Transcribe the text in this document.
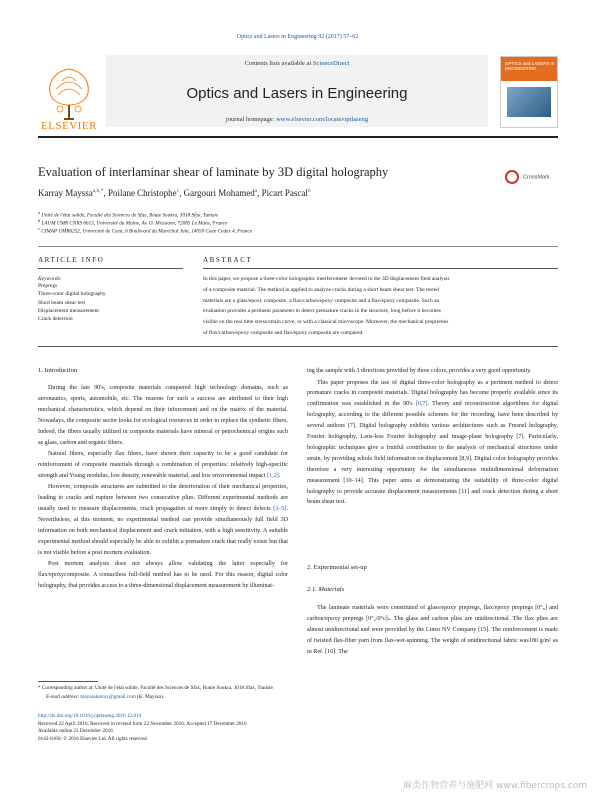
Optics and Lasers in Engineering 92 (2017) 57–62
Contents lists available at ScienceDirect
Optics and Lasers in Engineering
journal homepage: www.elsevier.com/locate/optlaseng
ELSEVIER
OPTICS and LASERS in ENGINEERING
Evaluation of interlaminar shear of laminate by 3D digital holography	CrossMark
Karray Mayssa$^{a,b,*}$, Poilane Christophe$^c$, Gargouri Mohamed$^a$, Picart Pascal$^b$
$^a$ Unité de l'état solide, Faculté des Sciences de Sfax, Route Soukra, 3018 Sfax, Tunisie
$^b$ LAUM UMR CNRS 6613, Université du Maine, Av. O. Messiaen, 72085 Le Mans, France
$^c$ CIMAP UMR6252, Université de Caen, 6 Boulevard du Maréchal Juin, 14050 Caen Cedex 4, France
ARTICLE INFO
Keywords:
Prepregs
Three-color digital holography
Short beam shear test
Displacement measurement
Crack detection
ABSTRACT
In this paper, we propose a three-color holographic interferometer devoted to the 3D displacement field analysis
of a composite material. The method in applied to analyze cracks during a short beam shear test. The tested
materials are a glass/epoxy composite, a flax/carbon/epoxy composite and a flax/epoxy composite. Such an
evaluation provides a pertinent parameter to detect premature cracks in the structure, long before it becomes
visible on the real time stress/strain curve, or with a classical microscope. Moreover, the mechanical proprieties
of flax/carbon/epoxy composite and flax/epoxy composite are compared.
1. Introduction

During the late 90's, composite materials conquered high technology domains, such as aeronautics, sports, automobile, etc. The reasons for such a success are attributed to their high mechanical characteristics, which depend on their inforcement and on the matrix of the material. Nowadays, the composite sector looks for ecological resources in order to replace the synthetic fibers. Indeed, the fibers usually utilized in composite materials have mineral or petrochemical origins such as glass, carbon and organic fibers.

Natural fibers, especially flax fibers, have shown their capacity to be a good candidate for reinforcement of composite materials through a combination of properties: relatively high-specific strength and Young modulus, low density, renewable material, and low environmental impact [1,2].

However, composite structures are submitted to the deterioration of their mechanical properties, leading to cracks and rupture between two consecutive plies. Different experimental methods are usually used to measure displacements, crack propagation of more simply to detect defects [3–5]. Nevertheless, at this moment, no experimental method can provide simultaneously full field 3D information on both mechanical displacement and crack initiation, with a high sensitivity. A suitable experimental method should especially be able to exhibit a premature crack that really exists but that is not visible before a post mortem evaluation.

Post mortem analysis does not always allow validating the latter especially for flax/epoxycomposite. A contactless full-field method has to be used. For this reason, digital color holography, that provides access to a three-dimensional displacement measurement by illuminat-

ing the sample with 3 directions provided by three colors, provides a very good opportunity.

This paper proposes the use of digital three-color holography as a pertinent method to detect premature cracks in composite materials. Digital holography has become properly available since its confirmation was established in the 90's [6,7]. Theory and reconstruction algorithms for digital holography, according to the different possible schemes for the recording, have been described by several authors [7]. Digital holography exhibits various architectures such as Fresnel holography, Fourier holography, Lens-less Fourier holography and image-plane holography [7]. Particularly, holographic techniques give a fruitful contribution to the analysis of mechanical structures under strain, by providing whole field information on displacement [8,9]. Digital color holography provides therefore a very interesting opportunity for the simultaneous multidimensional deformation measurement [10–14]. This paper aims at demonstrating the suitability of three-color digital holography to provide accurate displacement measurements [11] and crack detection during a short beam shear test.

2. Experimental set-up
2.1. Materials

The laminate materials were constituted of glass/epoxy prepregs, flax/epoxy prepregs [0°₈] and carbon/epoxy prepregs [0°₂/0°c]ₛ. The glass and carbon plies are unidirectional. The flax plies are almost unidirectional and were provided by the Lineo NV Company [15]. The reinforcement is made of twisted flax-fiber yarn from flax-wet-spinning. The weight of unidirectional fabric was180 g/m² as in Ref. [16]. The

* Corresponding author at: Unité de l'état solide, Faculté des Sciences de Sfax, Route Soukra, 3018 Sfax, Tunisie.
E-mail address: mayssakarray@gmail.com (K. Mayssa).
http://dx.doi.org/10.1016/j.optlaseng.2016.12.014
Received 22 April 2016; Received in revised form 22 November 2016; Accepted 17 December 2016
Available online 23 December 2016
0143-8166/ © 2016 Elsevier Ltd. All rights reserved.
麻类作物营养与施肥网 www.fibercrops.com
